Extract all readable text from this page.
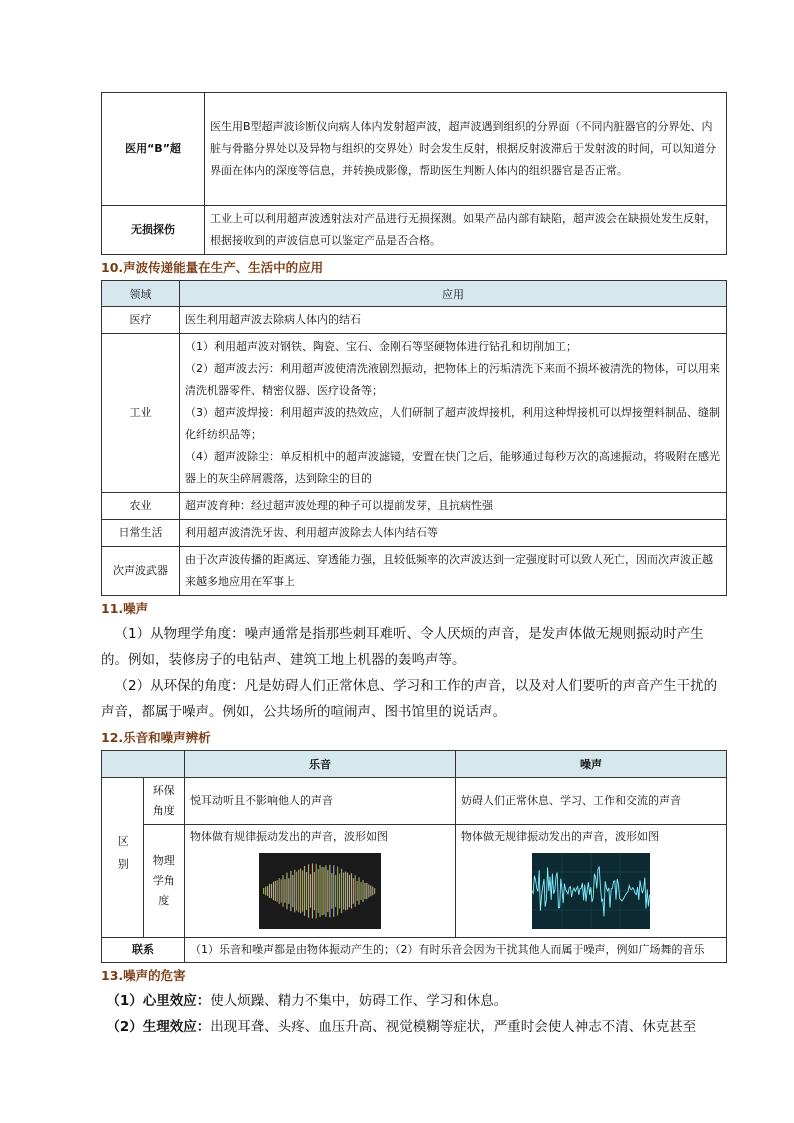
医用“B”超	医生用B型超声波诊断仪向病人体内发射超声波，超声波遇到组织的分界面（不同内脏器官的分界处、内脏与骨骼分界处以及异物与组织的交界处）时会发生反射，根据反射波滞后于发射波的时间，可以知道分界面在体内的深度等信息，并转换成影像，帮助医生判断人体内的组织器官是否正常。
无损探伤	工业上可以利用超声波透射法对产品进行无损探测。如果产品内部有缺陷，超声波会在缺损处发生反射，根据接收到的声波信息可以鉴定产品是否合格。
10.声波传递能量在生产、生活中的应用
领域	应用
医疗	医生利用超声波去除病人体内的结石
工业	（1）利用超声波对钢铁、陶瓷、宝石、金刚石等坚硬物体进行钻孔和切削加工；
（2）超声波去污：利用超声波使清洗液剧烈振动，把物体上的污垢清洗下来而不损坏被清洗的物体，可以用来清洗机器零件、精密仪器、医疗设备等；
（3）超声波焊接：利用超声波的热效应，人们研制了超声波焊接机，利用这种焊接机可以焊接塑料制品、缝制化纤纺织品等；
（4）超声波除尘：单反相机中的超声波滤镜，安置在快门之后，能够通过每秒万次的高速振动，将吸附在感光器上的灰尘碎屑震落，达到除尘的目的

农业	超声波育种：经过超声波处理的种子可以提前发芽，且抗病性强
日常生活	利用超声波清洗牙齿、利用超声波除去人体内结石等
次声波武器	由于次声波传播的距离远、穿透能力强，且较低频率的次声波达到一定强度时可以致人死亡，因而次声波正越来越多地应用在军事上
11.噪声

（1）从物理学角度：噪声通常是指那些刺耳难听、令人厌烦的声音，是发声体做无规则振动时产生的。例如，装修房子的电钻声、建筑工地上机器的轰鸣声等。

（2）从环保的角度：凡是妨碍人们正常休息、学习和工作的声音，以及对人们要听的声音产生干扰的声音，都属于噪声。例如，公共场所的喧闹声、图书馆里的说话声。

12.乐音和噪声辨析
		乐音	噪声
区别	环保角度	悦耳动听且不影响他人的声音	妨碍人们正常休息、学习、工作和交流的声音
	物理学角度	物体做有规律振动发出的声音，波形如图	物体做无规律振动发出的声音，波形如图

联系		（1）乐音和噪声都是由物体振动产生的；（2）有时乐音会因为干扰其他人而属于噪声，例如广场舞的音乐	
13.噪声的危害

（1）心里效应：使人烦躁、精力不集中，妨碍工作、学习和休息。

（2）生理效应：出现耳聋、头疼、血压升高、视觉模糊等症状，严重时会使人神志不清、休克甚至
